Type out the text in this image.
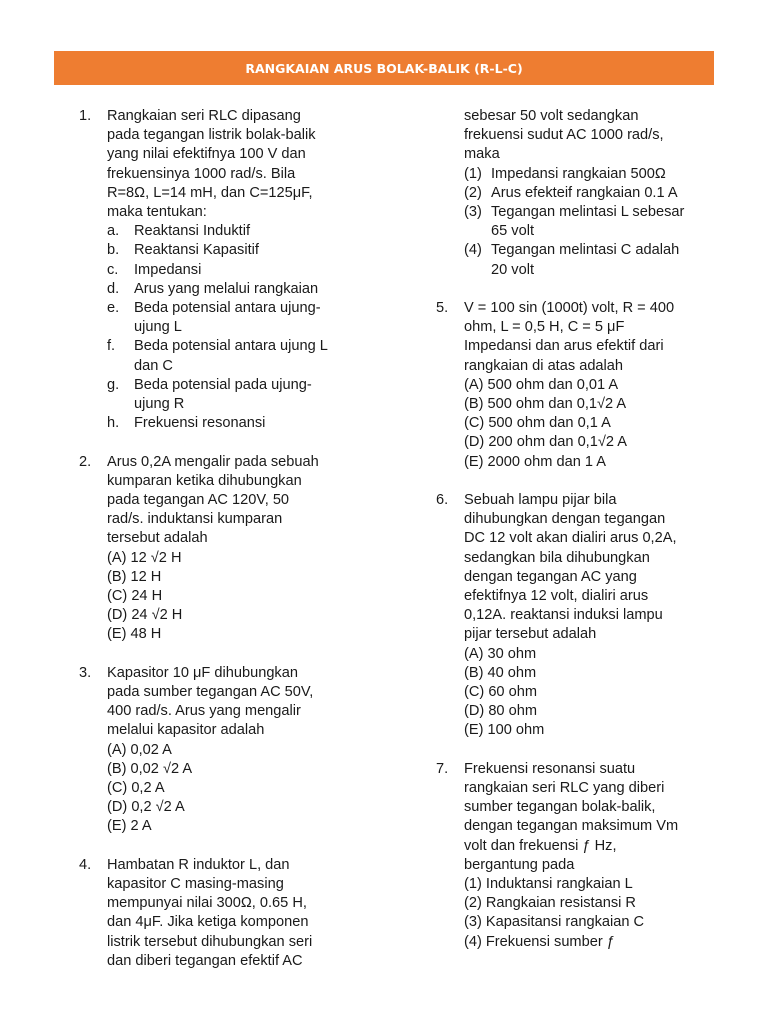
RANGKAIAN ARUS BOLAK-BALIK (R-L-C)
1. Rangkaian seri RLC dipasang
pada tegangan listrik bolak-balik
yang nilai efektifnya 100 V dan
frekuensinya 1000 rad/s. Bila
R=8Ω, L=14 mH, dan C=125μF,
maka tentukan:
a. Reaktansi Induktif
b. Reaktansi Kapasitif
c. Impedansi
d. Arus yang melalui rangkaian
e. Beda potensial antara ujung-
ujung L
f. Beda potensial antara ujung L
dan C
g. Beda potensial pada ujung-
ujung R
h. Frekuensi resonansi
2. Arus 0,2A mengalir pada sebuah
kumparan ketika dihubungkan
pada tegangan AC 120V, 50
rad/s. induktansi kumparan
tersebut adalah
(A) 12 √2 H
(B) 12 H
(C) 24 H
(D) 24 √2 H
(E) 48 H
3. Kapasitor 10 μF dihubungkan
pada sumber tegangan AC 50V,
400 rad/s. Arus yang mengalir
melalui kapasitor adalah
(A) 0,02 A
(B) 0,02 √2 A
(C) 0,2 A
(D) 0,2 √2 A
(E) 2 A
4. Hambatan R induktor L, dan
kapasitor C masing-masing
mempunyai nilai 300Ω, 0.65 H,
dan 4μF. Jika ketiga komponen
listrik tersebut dihubungkan seri
dan diberi tegangan efektif AC
sebesar 50 volt sedangkan
frekuensi sudut AC 1000 rad/s,
maka
(1) Impedansi rangkaian 500Ω
(2) Arus efekteif rangkaian 0.1 A
(3) Tegangan melintasi L sebesar
65 volt
(4) Tegangan melintasi C adalah
20 volt
5. V = 100 sin (1000t) volt, R = 400
ohm, L = 0,5 H, C = 5 μF
Impedansi dan arus efektif dari
rangkaian di atas adalah
(A) 500 ohm dan 0,01 A
(B) 500 ohm dan 0,1√2 A
(C) 500 ohm dan 0,1 A
(D) 200 ohm dan 0,1√2 A
(E) 2000 ohm dan 1 A
6. Sebuah lampu pijar bila
dihubungkan dengan tegangan
DC 12 volt akan dialiri arus 0,2A,
sedangkan bila dihubungkan
dengan tegangan AC yang
efektifnya 12 volt, dialiri arus
0,12A. reaktansi induksi lampu
pijar tersebut adalah
(A) 30 ohm
(B) 40 ohm
(C) 60 ohm
(D) 80 ohm
(E) 100 ohm
7. Frekuensi resonansi suatu
rangkaian seri RLC yang diberi
sumber tegangan bolak-balik,
dengan tegangan maksimum Vm
volt dan frekuensi ƒ Hz,
bergantung pada
(1) Induktansi rangkaian L
(2) Rangkaian resistansi R
(3) Kapasitansi rangkaian C
(4) Frekuensi sumber ƒ
